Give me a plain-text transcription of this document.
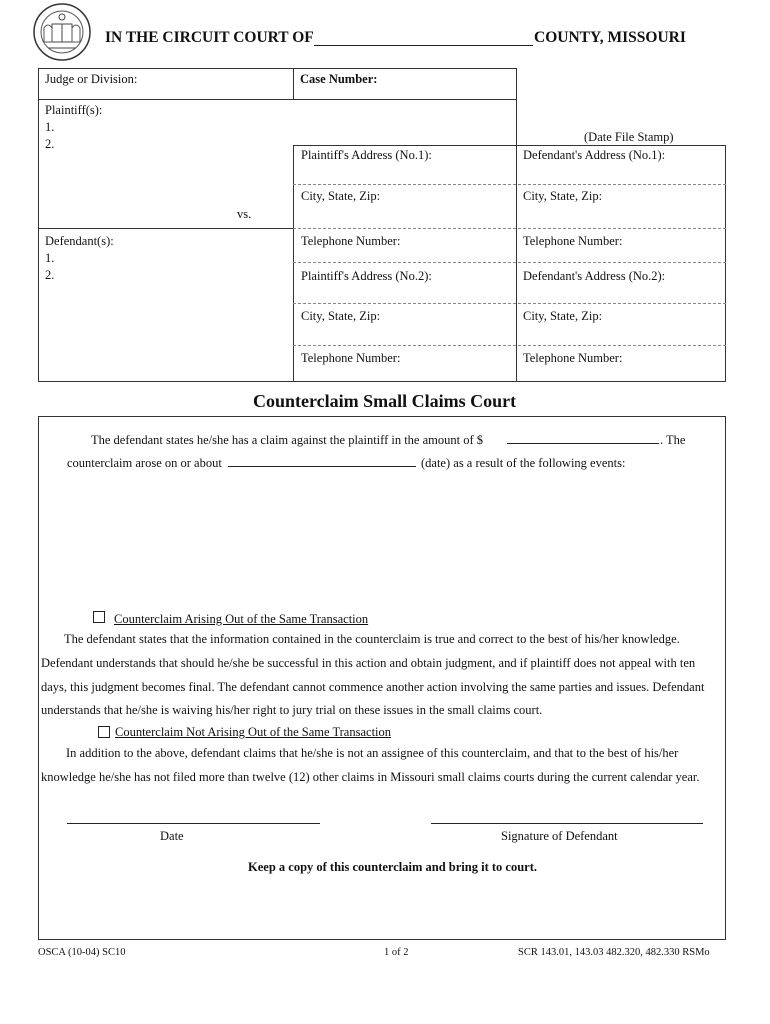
IN THE CIRCUIT COURT OF	COUNTY, MISSOURI
Judge or Division:	Case Number:
Plaintiff(s):
1.
2.
vs.
Defendant(s):
1.
2.
(Date File Stamp)
Plaintiff's Address (No.1):	Defendant's Address (No.1):
City, State, Zip:	City, State, Zip:
Telephone Number:	Telephone Number:
Plaintiff's Address (No.2):	Defendant's Address (No.2):
City, State, Zip:	City, State, Zip:
Telephone Number:	Telephone Number:
Counterclaim Small Claims Court
The defendant states he/she has a claim against the plaintiff in the amount of $	. The
counterclaim arose on or about	(date) as a result of the following events:
Counterclaim Arising Out of the Same Transaction
The defendant states that the information contained in the counterclaim is true and correct to the best of his/her knowledge.
Defendant understands that should he/she be successful in this action and obtain judgment, and if plaintiff does not appeal with ten
days, this judgment becomes final. The defendant cannot commence another action involving the same parties and issues. Defendant
understands that he/she is waiving his/her right to jury trial on these issues in the small claims court.
Counterclaim Not Arising Out of the Same Transaction
In addition to the above, defendant claims that he/she is not an assignee of this counterclaim, and that to the best of his/her
knowledge he/she has not filed more than twelve (12) other claims in Missouri small claims courts during the current calendar year.
Date	Signature of Defendant
Keep a copy of this counterclaim and bring it to court.
OSCA (10-04) SC10	1 of 2	SCR 143.01, 143.03 482.320, 482.330 RSMo
